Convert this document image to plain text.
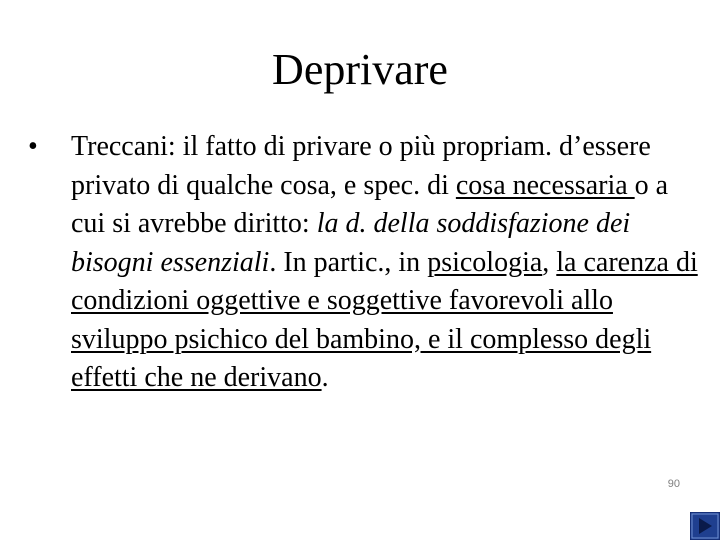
Deprivare
• Treccani: il fatto di privare o più propriam. d’essere privato di qualche cosa, e spec. di cosa necessaria o a cui si avrebbe diritto: la d. della soddisfazione dei bisogni essenziali. In partic., in psicologia, la carenza di condizioni oggettive e soggettive favorevoli allo sviluppo psichico del bambino, e il complesso degli effetti che ne derivano.
90
